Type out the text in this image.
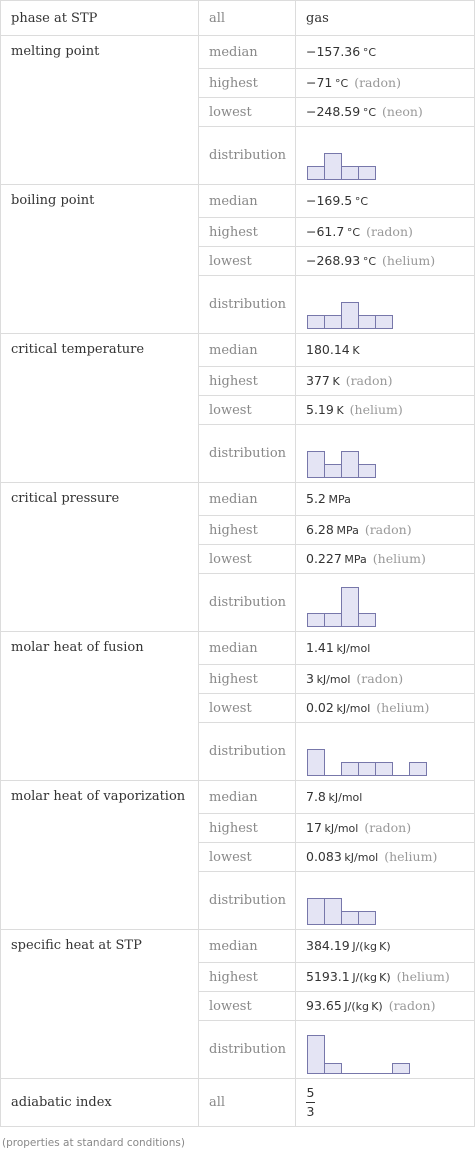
phase at STP	all	gas
melting point	median	−157.36  °C
	highest	−71  °C (radon)
	lowest	−248.59  °C (neon)
	distribution	

boiling point	median	−169.5  °C
	highest	−61.7  °C (radon)
	lowest	−268.93  °C (helium)
	distribution	

critical temperature	median	180.14  K
	highest	377  K (radon)
	lowest	5.19  K (helium)
	distribution	

critical pressure	median	5.2  MPa
	highest	6.28  MPa (radon)
	lowest	0.227  MPa (helium)
	distribution	

molar heat of fusion	median	1.41  kJ/mol
	highest	3  kJ/mol (radon)
	lowest	0.02  kJ/mol (helium)
	distribution	

molar heat of vaporization	median	7.8  kJ/mol
	highest	17  kJ/mol (radon)
	lowest	0.083  kJ/mol (helium)
	distribution	

specific heat at STP	median	384.19  J/(kg K)
	highest	5193.1  J/(kg K) (helium)
	lowest	93.65  J/(kg K) (radon)
	distribution	

adiabatic index	all	$\frac{5}{3}$
(properties at standard conditions)
